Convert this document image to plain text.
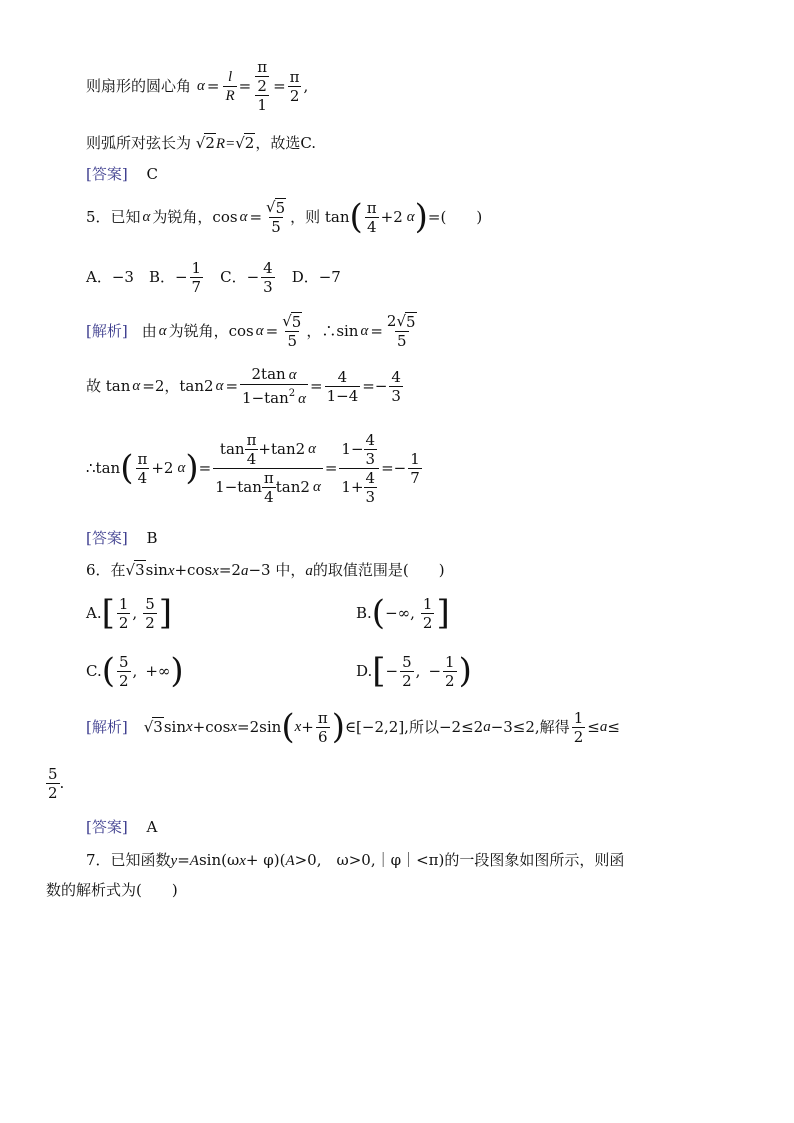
则扇形的圆心角 $\alpha = \frac{l}{R} = \frac{\frac{\pi}{2}}{1} = \frac{\pi}{2}$ ,
则弧所对弦长为 √ 2 R= √ 2 ，故选C.
[答案] C
5．已知 α 为锐角，$\cos \alpha = \frac{√ 5}{5}$ ，则 tan ( $\frac{\pi}{4} +2$ α ) =(　　)
A．−3　B．− $\frac{1}{7}$ 　C．− $\frac{4}{3}$ 　D．−7
[解析] 由 α 为锐角，$\cos \alpha = \frac{√ 5}{5}$ ，∴sin $\alpha = \frac{2 √ 5}{5}$
故 tan α =2，tan2 $\alpha = \frac{\text{2tan α}}{1-\tan^2 \alpha} = \frac{4}{1-4} =- \frac{4}{3}$
∴tan ( $\frac{\pi}{4} +2$ α ) = $\frac{\tan \frac{\pi}{4} +\tan 2 \alpha}{1-\tan \frac{\pi}{4} \tan 2 \alpha} = \frac{1- \frac{4}{3}}{1+ \frac{4}{3}} =- \frac{1}{7}$
[答案] B
6．在 √ 3 sinx+cosx=2a−3 中，a的取值范围是(　　)
A. [ $\frac{1}{2}$ , $\frac{5}{2}$ ]	B. ( −∞, $\frac{1}{2}$ ]
C. ( $\frac{5}{2}$ , +∞ )	D. [ − $\frac{5}{2}$ , − $\frac{1}{2}$ )
[解析] √ 3 sin x +cos x =2sin ( $x + \frac{\pi}{6}$ ) ∈[−2,2],所以−2≤2 a −3≤2,解得 $\frac{1}{2} \le a$ ≤
$\frac{5}{2}$ .
[答案] A
7．已知函数y=Asin(ωx+ φ)(A>0,　ω>0,｜φ｜<π)的一段图象如图所示，则函
数的解析式为(　　)
